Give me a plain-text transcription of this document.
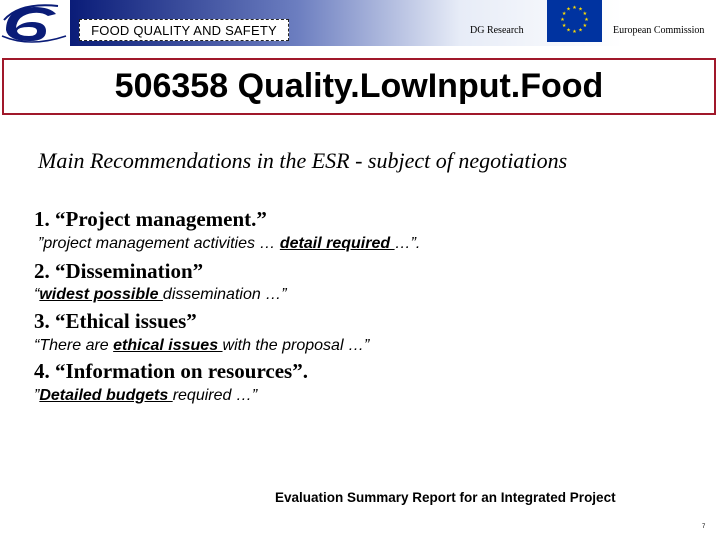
FOOD QUALITY AND SAFETY	DG Research
★ ★
★
★
★
★
★
★
★
★
★
★
European Commission
506358 Quality.LowInput.Food
Main Recommendations in the ESR - subject of negotiations
1. “Project management.”
”project management activities … detail required …”.
2. “Dissemination”
“widest possible dissemination …”
3. “Ethical issues”
“There are ethical issues with the proposal …”
4. “Information on resources”.
”Detailed budgets required …”
Evaluation Summary Report for an Integrated Project
7
